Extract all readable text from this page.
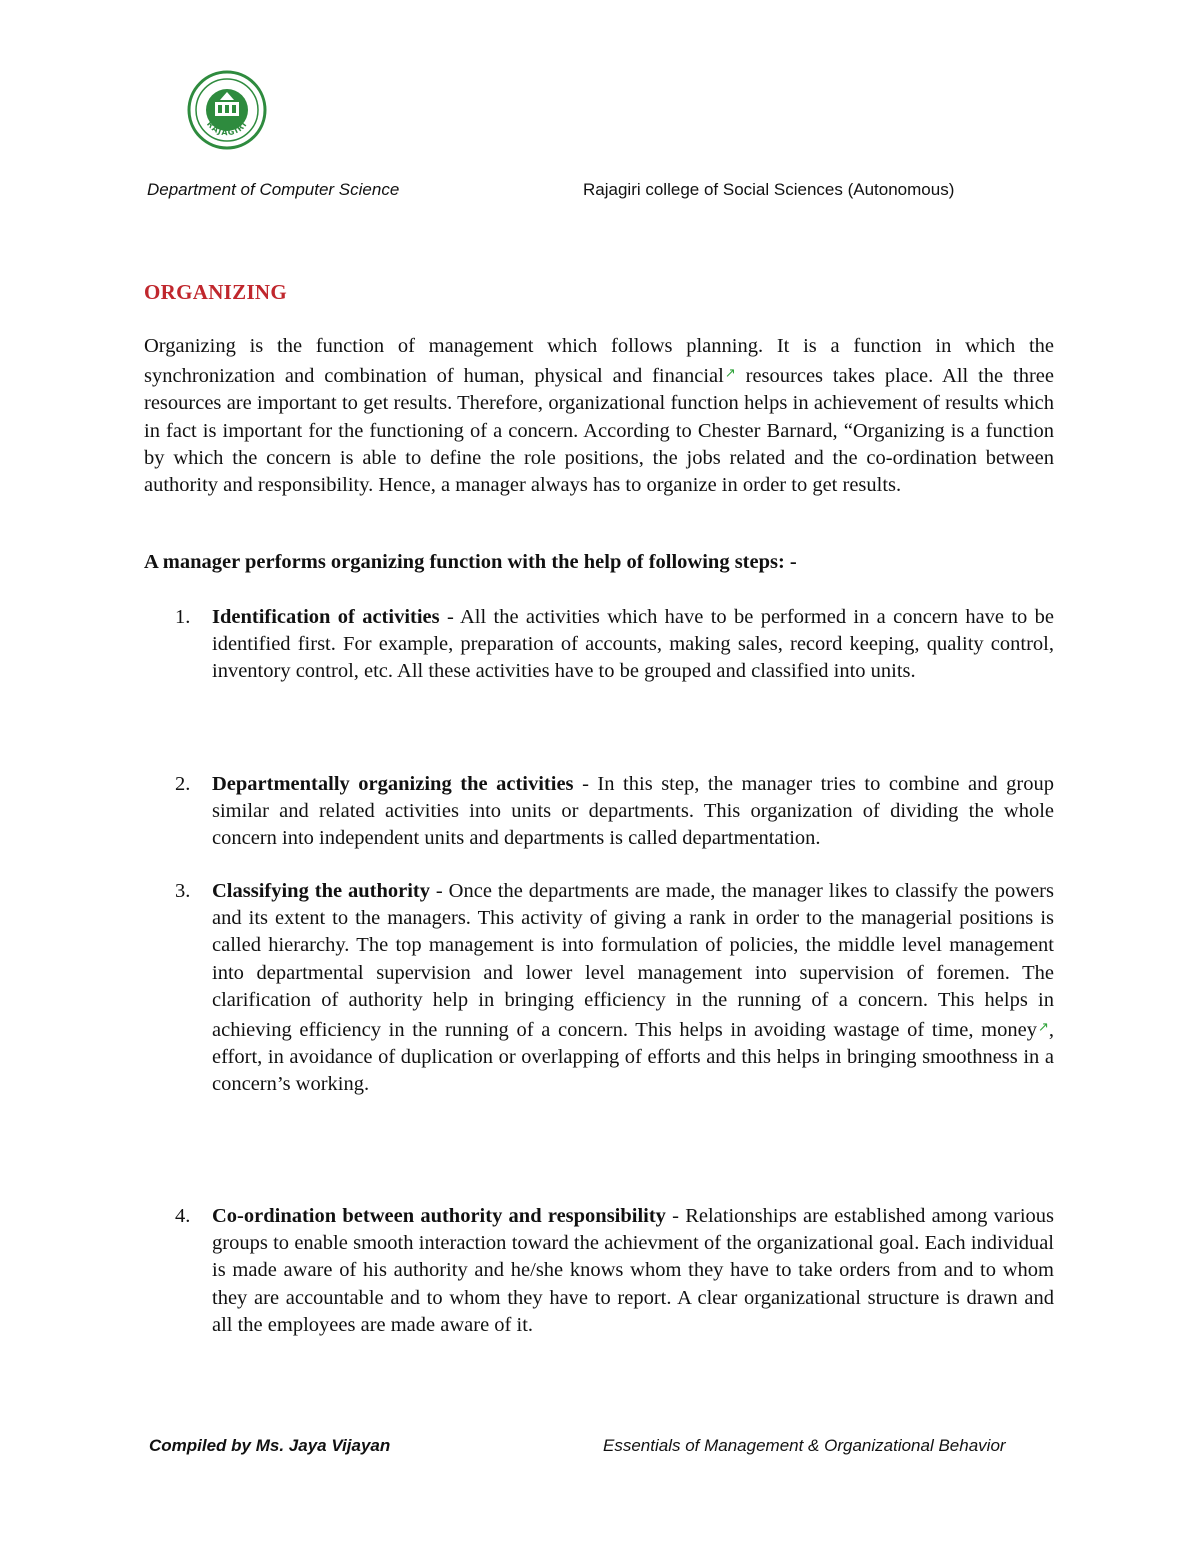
RAJAGIRI
Department of Computer Science	Rajagiri college of Social Sciences (Autonomous)
ORGANIZING
Organizing is the function of management which follows planning. It is a function in which the synchronization and combination of human, physical and financial↗ resources takes place. All the three resources are important to get results. Therefore, organizational function helps in achievement of results which in fact is important for the functioning of a concern. According to Chester Barnard, “Organizing is a function by which the concern is able to define the role positions, the jobs related and the co-ordination between authority and responsibility. Hence, a manager always has to organize in order to get results.
A manager performs organizing function with the help of following steps: -
1. Identification of activities - All the activities which have to be performed in a concern have to be identified first. For example, preparation of accounts, making sales, record keeping, quality control, inventory control, etc. All these activities have to be grouped and classified into units.
2. Departmentally organizing the activities - In this step, the manager tries to combine and group similar and related activities into units or departments. This organization of dividing the whole concern into independent units and departments is called departmentation.
3. Classifying the authority - Once the departments are made, the manager likes to classify the powers and its extent to the managers. This activity of giving a rank in order to the managerial positions is called hierarchy. The top management is into formulation of policies, the middle level management into departmental supervision and lower level management into supervision of foremen. The clarification of authority help in bringing efficiency in the running of a concern. This helps in achieving efficiency in the running of a concern. This helps in avoiding wastage of time, money↗, effort, in avoidance of duplication or overlapping of efforts and this helps in bringing smoothness in a concern’s working.
4. Co-ordination between authority and responsibility - Relationships are established among various groups to enable smooth interaction toward the achievment of the organizational goal. Each individual is made aware of his authority and he/she knows whom they have to take orders from and to whom they are accountable and to whom they have to report. A clear organizational structure is drawn and all the employees are made aware of it.
Compiled by Ms. Jaya Vijayan	Essentials of Management & Organizational Behavior
